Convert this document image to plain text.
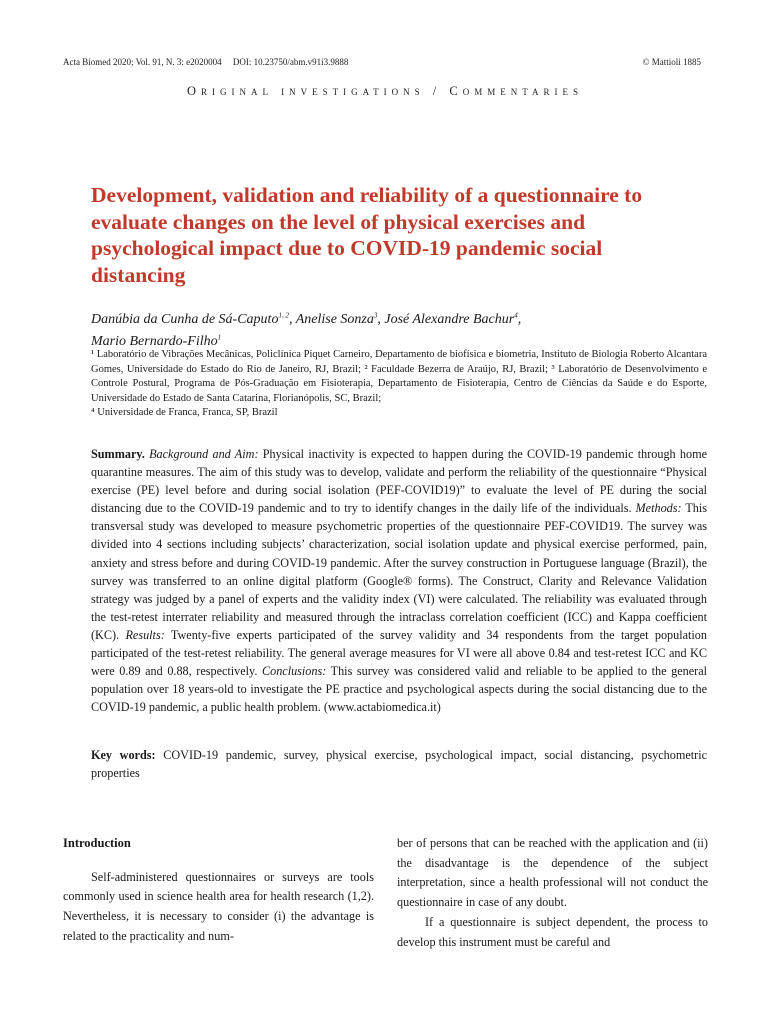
Acta Biomed 2020; Vol. 91, N. 3: e2020004 DOI: 10.23750/abm.v91i3.9888	© Mattioli 1885
Original investigations / Commentaries
Development, validation and reliability of a questionnaire to evaluate changes on the level of physical exercises and psychological impact due to COVID-19 pandemic social distancing
Danúbia da Cunha de Sá-Caputo$^{1, 2}$, Anelise Sonza$^3$, José Alexandre Bachur$^4$,
Mario Bernardo-Filho$^1$
¹ Laboratório de Vibrações Mecânicas, Policlínica Piquet Carneiro, Departamento de biofísica e biometria, Instituto de Biologia Roberto Alcantara Gomes, Universidade do Estado do Rio de Janeiro, RJ, Brazil; ² Faculdade Bezerra de Araújo, RJ, Brazil; ³ Laboratório de Desenvolvimento e Controle Postural, Programa de Pós-Graduação em Fisioterapia, Departamento de Fisioterapia, Centro de Ciências da Saúde e do Esporte, Universidade do Estado de Santa Catarina, Florianópolis, SC, Brazil;
⁴ Universidade de Franca, Franca, SP, Brazil
Summary. Background and Aim: Physical inactivity is expected to happen during the COVID-19 pandemic through home quarantine measures. The aim of this study was to develop, validate and perform the reliability of the questionnaire “Physical exercise (PE) level before and during social isolation (PEF-COVID19)” to evaluate the level of PE during the social distancing due to the COVID-19 pandemic and to try to identify changes in the daily life of the individuals. Methods: This transversal study was developed to measure psychometric properties of the questionnaire PEF-COVID19. The survey was divided into 4 sections including subjects’ characterization, social isolation update and physical exercise performed, pain, anxiety and stress before and during COVID-19 pandemic. After the survey construction in Portuguese language (Brazil), the survey was transferred to an online digital platform (Google® forms). The Construct, Clarity and Relevance Validation strategy was judged by a panel of experts and the validity index (VI) were calculated. The reliability was evaluated through the test-retest interrater reliability and measured through the intraclass correlation coefficient (ICC) and Kappa coefficient (KC). Results: Twenty-five experts participated of the survey validity and 34 respondents from the target population participated of the test-retest reliability. The general average measures for VI were all above 0.84 and test-retest ICC and KC were 0.89 and 0.88, respectively. Conclusions: This survey was considered valid and reliable to be applied to the general population over 18 years-old to investigate the PE practice and psychological aspects during the social distancing due to the COVID-19 pandemic, a public health problem. (www.actabiomedica.it)
Key words: COVID-19 pandemic, survey, physical exercise, psychological impact, social distancing, psychometric properties
Introduction
Self-administered questionnaires or surveys are tools commonly used in science health area for health research (1,2). Nevertheless, it is necessary to consider (i) the advantage is related to the practicality and num-
ber of persons that can be reached with the application and (ii) the disadvantage is the dependence of the subject interpretation, since a health professional will not conduct the questionnaire in case of any doubt.
If a questionnaire is subject dependent, the process to develop this instrument must be careful and
